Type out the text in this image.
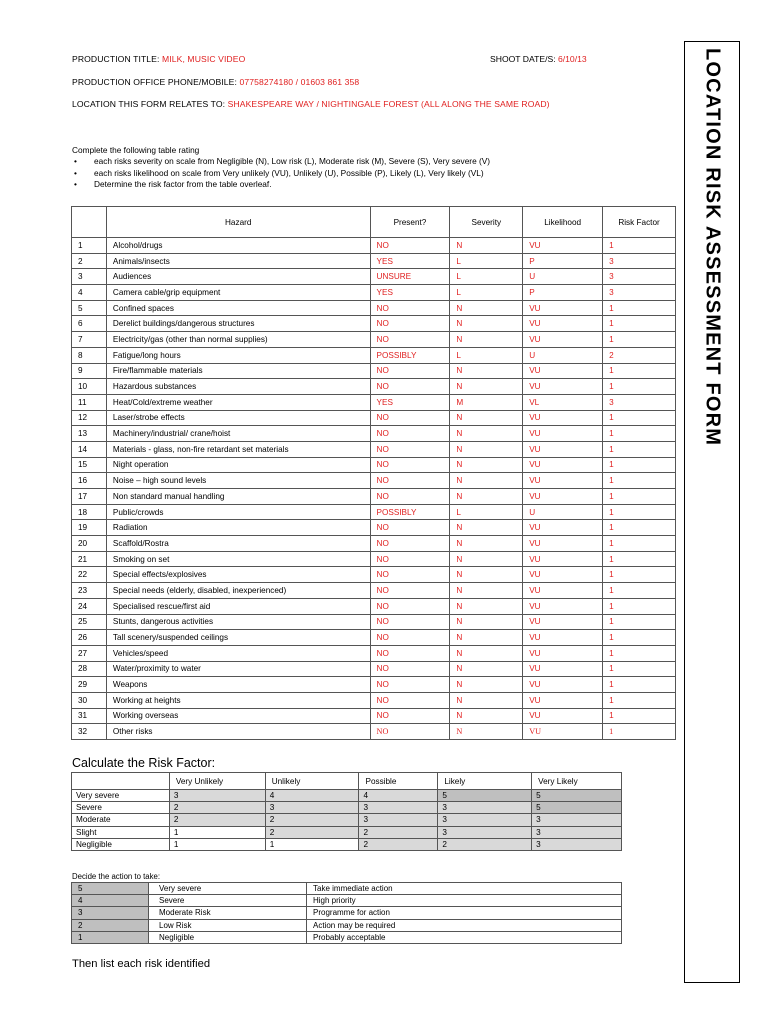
PRODUCTION TITLE: MILK, MUSIC VIDEO	SHOOT DATE/S: 6/10/13
PRODUCTION OFFICE PHONE/MOBILE: 07758274180 / 01603 861 358
LOCATION THIS FORM RELATES TO: SHAKESPEARE WAY / NIGHTINGALE FOREST (ALL ALONG THE SAME ROAD)	LOCATION RISK ASSESSMENT FORM
Complete the following table rating
• each risks severity on scale from Negligible (N), Low risk (L), Moderate risk (M), Severe (S), Very severe (V)
• each risks likelihood on scale from Very unlikely (VU), Unlikely (U), Possible (P), Likely (L), Very likely (VL)
• Determine the risk factor from the table overleaf.
	Hazard	Present?	Severity	Likelihood	Risk Factor
1	Alcohol/drugs	NO	N	VU	1
2	Animals/insects	YES	L	P	3
3	Audiences	UNSURE	L	U	3
4	Camera cable/grip equipment	YES	L	P	3
5	Confined spaces	NO	N	VU	1
6	Derelict buildings/dangerous structures	NO	N	VU	1
7	Electricity/gas (other than normal supplies)	NO	N	VU	1
8	Fatigue/long hours	POSSIBLY	L	U	2
9	Fire/flammable materials	NO	N	VU	1
10	Hazardous substances	NO	N	VU	1
11	Heat/Cold/extreme weather	YES	M	VL	3
12	Laser/strobe effects	NO	N	VU	1
13	Machinery/industrial/ crane/hoist	NO	N	VU	1
14	Materials - glass, non-fire retardant set materials	NO	N	VU	1
15	Night operation	NO	N	VU	1
16	Noise – high sound levels	NO	N	VU	1
17	Non standard manual handling	NO	N	VU	1
18	Public/crowds	POSSIBLY	L	U	1
19	Radiation	NO	N	VU	1
20	Scaffold/Rostra	NO	N	VU	1
21	Smoking on set	NO	N	VU	1
22	Special effects/explosives	NO	N	VU	1
23	Special needs (elderly, disabled, inexperienced)	NO	N	VU	1
24	Specialised rescue/first aid	NO	N	VU	1
25	Stunts, dangerous activities	NO	N	VU	1
26	Tall scenery/suspended ceilings	NO	N	VU	1
27	Vehicles/speed	NO	N	VU	1
28	Water/proximity to water	NO	N	VU	1
29	Weapons	NO	N	VU	1
30	Working at heights	NO	N	VU	1
31	Working overseas	NO	N	VU	1
32	Other risks	NO	N	VU	1
Calculate the Risk Factor:
	Very Unlikely	Unlikely	Possible	Likely	Very Likely
Very severe	3	4	4	5	5
Severe	2	3	3	3	5
Moderate	2	2	3	3	3
Slight	1	2	2	3	3
Negligible	1	1	2	2	3
Decide the action to take:
5	Very severe	Take immediate action
4	Severe	High priority
3	Moderate Risk	Programme for action
2	Low Risk	Action may be required
1	Negligible	Probably acceptable
Then list each risk identified
